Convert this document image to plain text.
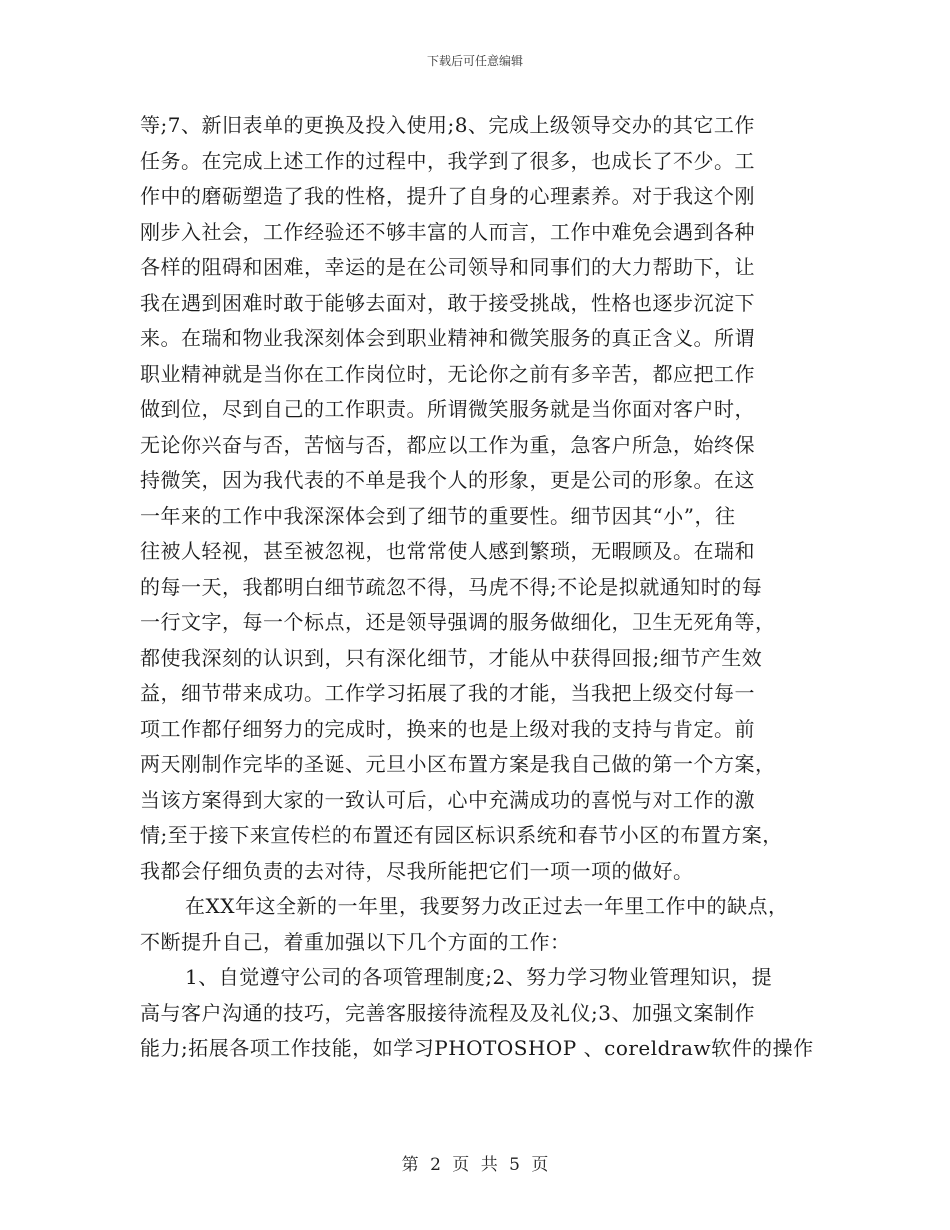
下载后可任意编辑
等;7、新旧表单的更换及投入使用;8、完成上级领导交办的其它工作
任务。在完成上述工作的过程中，我学到了很多，也成长了不少。工
作中的磨砺塑造了我的性格，提升了自身的心理素养。对于我这个刚
刚步入社会，工作经验还不够丰富的人而言，工作中难免会遇到各种
各样的阻碍和困难，幸运的是在公司领导和同事们的大力帮助下，让
我在遇到困难时敢于能够去面对，敢于接受挑战，性格也逐步沉淀下
来。在瑞和物业我深刻体会到职业精神和微笑服务的真正含义。所谓
职业精神就是当你在工作岗位时，无论你之前有多辛苦，都应把工作
做到位，尽到自己的工作职责。所谓微笑服务就是当你面对客户时，
无论你兴奋与否，苦恼与否，都应以工作为重，急客户所急，始终保
持微笑，因为我代表的不单是我个人的形象，更是公司的形象。在这
一年来的工作中我深深体会到了细节的重要性。细节因其“小”，往
往被人轻视，甚至被忽视，也常常使人感到繁琐，无暇顾及。在瑞和
的每一天，我都明白细节疏忽不得，马虎不得;不论是拟就通知时的每
一行文字，每一个标点，还是领导强调的服务做细化，卫生无死角等，
都使我深刻的认识到，只有深化细节，才能从中获得回报;细节产生效
益，细节带来成功。工作学习拓展了我的才能，当我把上级交付每一
项工作都仔细努力的完成时，换来的也是上级对我的支持与肯定。前
两天刚制作完毕的圣诞、元旦小区布置方案是我自己做的第一个方案，
当该方案得到大家的一致认可后，心中充满成功的喜悦与对工作的激
情;至于接下来宣传栏的布置还有园区标识系统和春节小区的布置方案，
我都会仔细负责的去对待，尽我所能把它们一项一项的做好。
在XX年这全新的一年里，我要努力改正过去一年里工作中的缺点，
不断提升自己，着重加强以下几个方面的工作：
1、自觉遵守公司的各项管理制度;2、努力学习物业管理知识，提
高与客户沟通的技巧，完善客服接待流程及及礼仪;3、加强文案制作
能力;拓展各项工作技能，如学习PHOTOSHOP 、coreldraw软件的操作
第 2 页 共 5 页
